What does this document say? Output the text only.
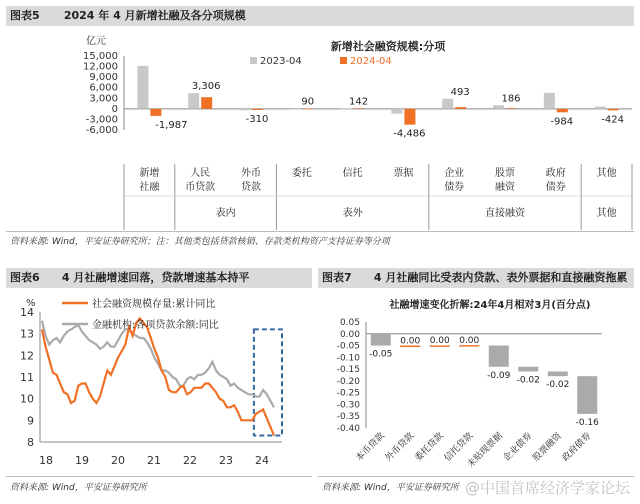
图表5 2024 年 4 月新增社融及各分项规模
亿元	新增社会融资规模:分项
2023-04	2024-04
15,000
12,000
9,000
6,000
3,000
0
-3,000
-6,000	-1,987
新增
社融
3,306
人民
币贷款
-310
外币
贷款
90
委托
142
信托
-4,486
票据
493
企业
债券
186
股票
融资
-984
政府
债券
-424
其他
表内	表外	直接融资	其他
资料来源: Wind，平安证券研究所；注：其他类包括贷款核销、存款类机构资产支持证券等分项
图表6 4 月社融增速回落，贷款增速基本持平
%
14
13
12
11
10
9
8
18 19 20 21 22 23 24
社会融资规模存量:累计同比
金融机构:各项贷款余额:同比
资料来源: Wind，平安证券研究所
图表7 4 月社融同比受表内贷款、表外票据和直接融资拖累
社融增速变化折解:24年4月相对3月(百分点)
0.05
0.00
-0.05
-0.10
-0.15
-0.20
-0.25
-0.30
-0.35
-0.40
-0.05
本币贷款
0.00
外币贷款
0.00
委托贷款
0.00
信托贷款
-0.09
未贴现票据
-0.02
企业债券
-0.02
股票融资
-0.16
政府债券
资料来源: Wind，平安证券研究所 @中国首席经济学家论坛
